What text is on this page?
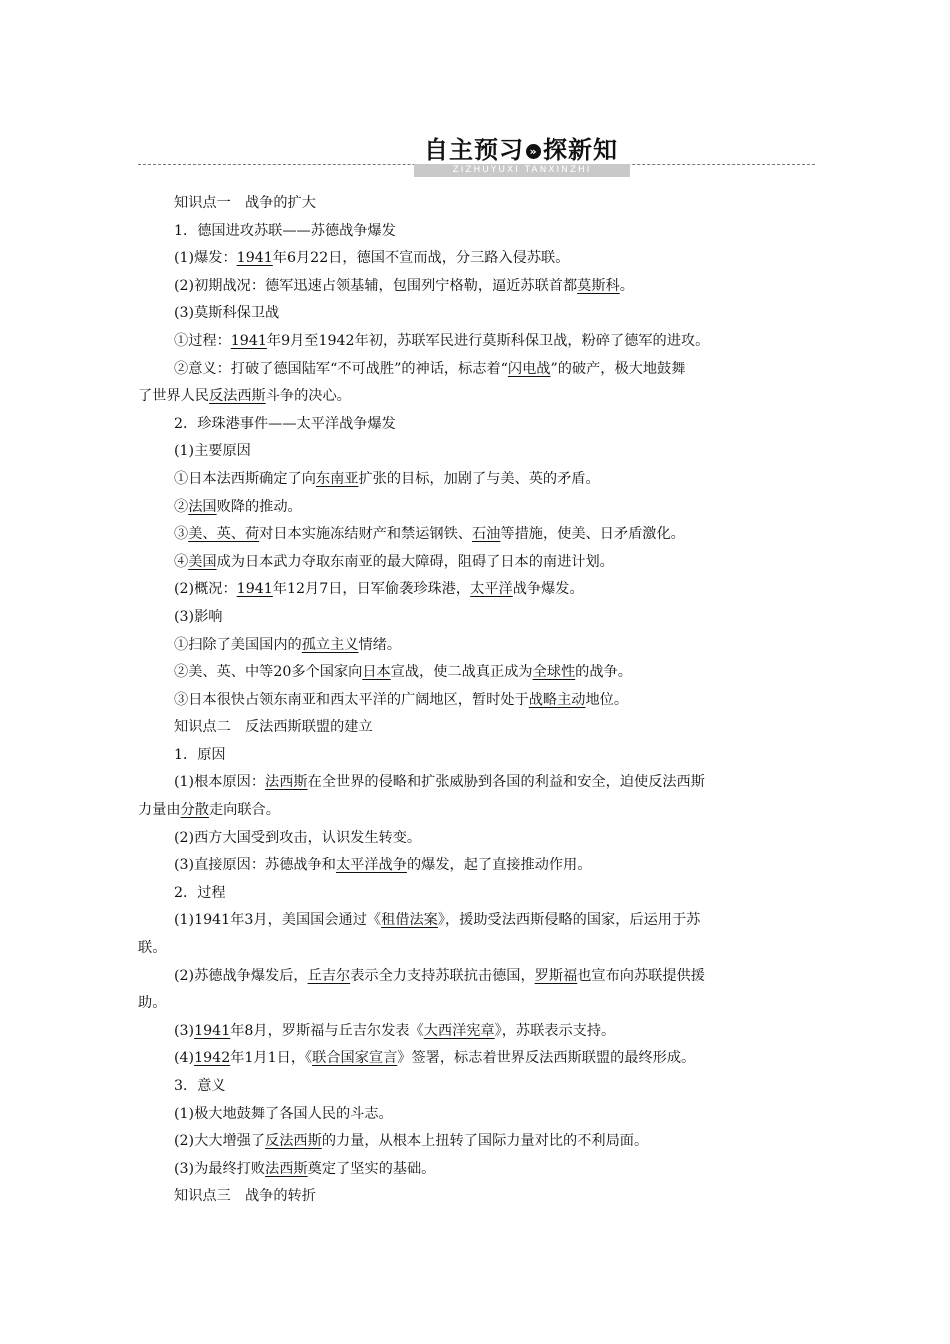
自主预习 » 探新知
ZIZHUYUXI TANXINZHI
知识点一　战争的扩大
1．德国进攻苏联——苏德战争爆发
(1)爆发：1941年6月22日，德国不宣而战，分三路入侵苏联。
(2)初期战况：德军迅速占领基辅，包围列宁格勒，逼近苏联首都莫斯科。
(3)莫斯科保卫战
①过程：1941年9月至1942年初，苏联军民进行莫斯科保卫战，粉碎了德军的进攻。
②意义：打破了德国陆军“不可战胜”的神话，标志着“闪电战”的破产，极大地鼓舞
了世界人民反法西斯斗争的决心。
2．珍珠港事件——太平洋战争爆发
(1)主要原因
①日本法西斯确定了向东南亚扩张的目标，加剧了与美、英的矛盾。
②法国败降的推动。
③美、英、荷对日本实施冻结财产和禁运钢铁、石油等措施，使美、日矛盾激化。
④美国成为日本武力夺取东南亚的最大障碍，阻碍了日本的南进计划。
(2)概况：1941年12月7日，日军偷袭珍珠港，太平洋战争爆发。
(3)影响
①扫除了美国国内的孤立主义情绪。
②美、英、中等20多个国家向日本宣战，使二战真正成为全球性的战争。
③日本很快占领东南亚和西太平洋的广阔地区，暂时处于战略主动地位。
知识点二　反法西斯联盟的建立
1．原因
(1)根本原因：法西斯在全世界的侵略和扩张威胁到各国的利益和安全，迫使反法西斯
力量由分散走向联合。
(2)西方大国受到攻击，认识发生转变。
(3)直接原因：苏德战争和太平洋战争的爆发，起了直接推动作用。
2．过程
(1)1941年3月，美国国会通过《租借法案》，援助受法西斯侵略的国家，后运用于苏
联。
(2)苏德战争爆发后，丘吉尔表示全力支持苏联抗击德国，罗斯福也宣布向苏联提供援
助。
(3)1941年8月，罗斯福与丘吉尔发表《大西洋宪章》，苏联表示支持。
(4)1942年1月1日，《联合国家宣言》签署，标志着世界反法西斯联盟的最终形成。
3．意义
(1)极大地鼓舞了各国人民的斗志。
(2)大大增强了反法西斯的力量，从根本上扭转了国际力量对比的不利局面。
(3)为最终打败法西斯奠定了坚实的基础。
知识点三　战争的转折
